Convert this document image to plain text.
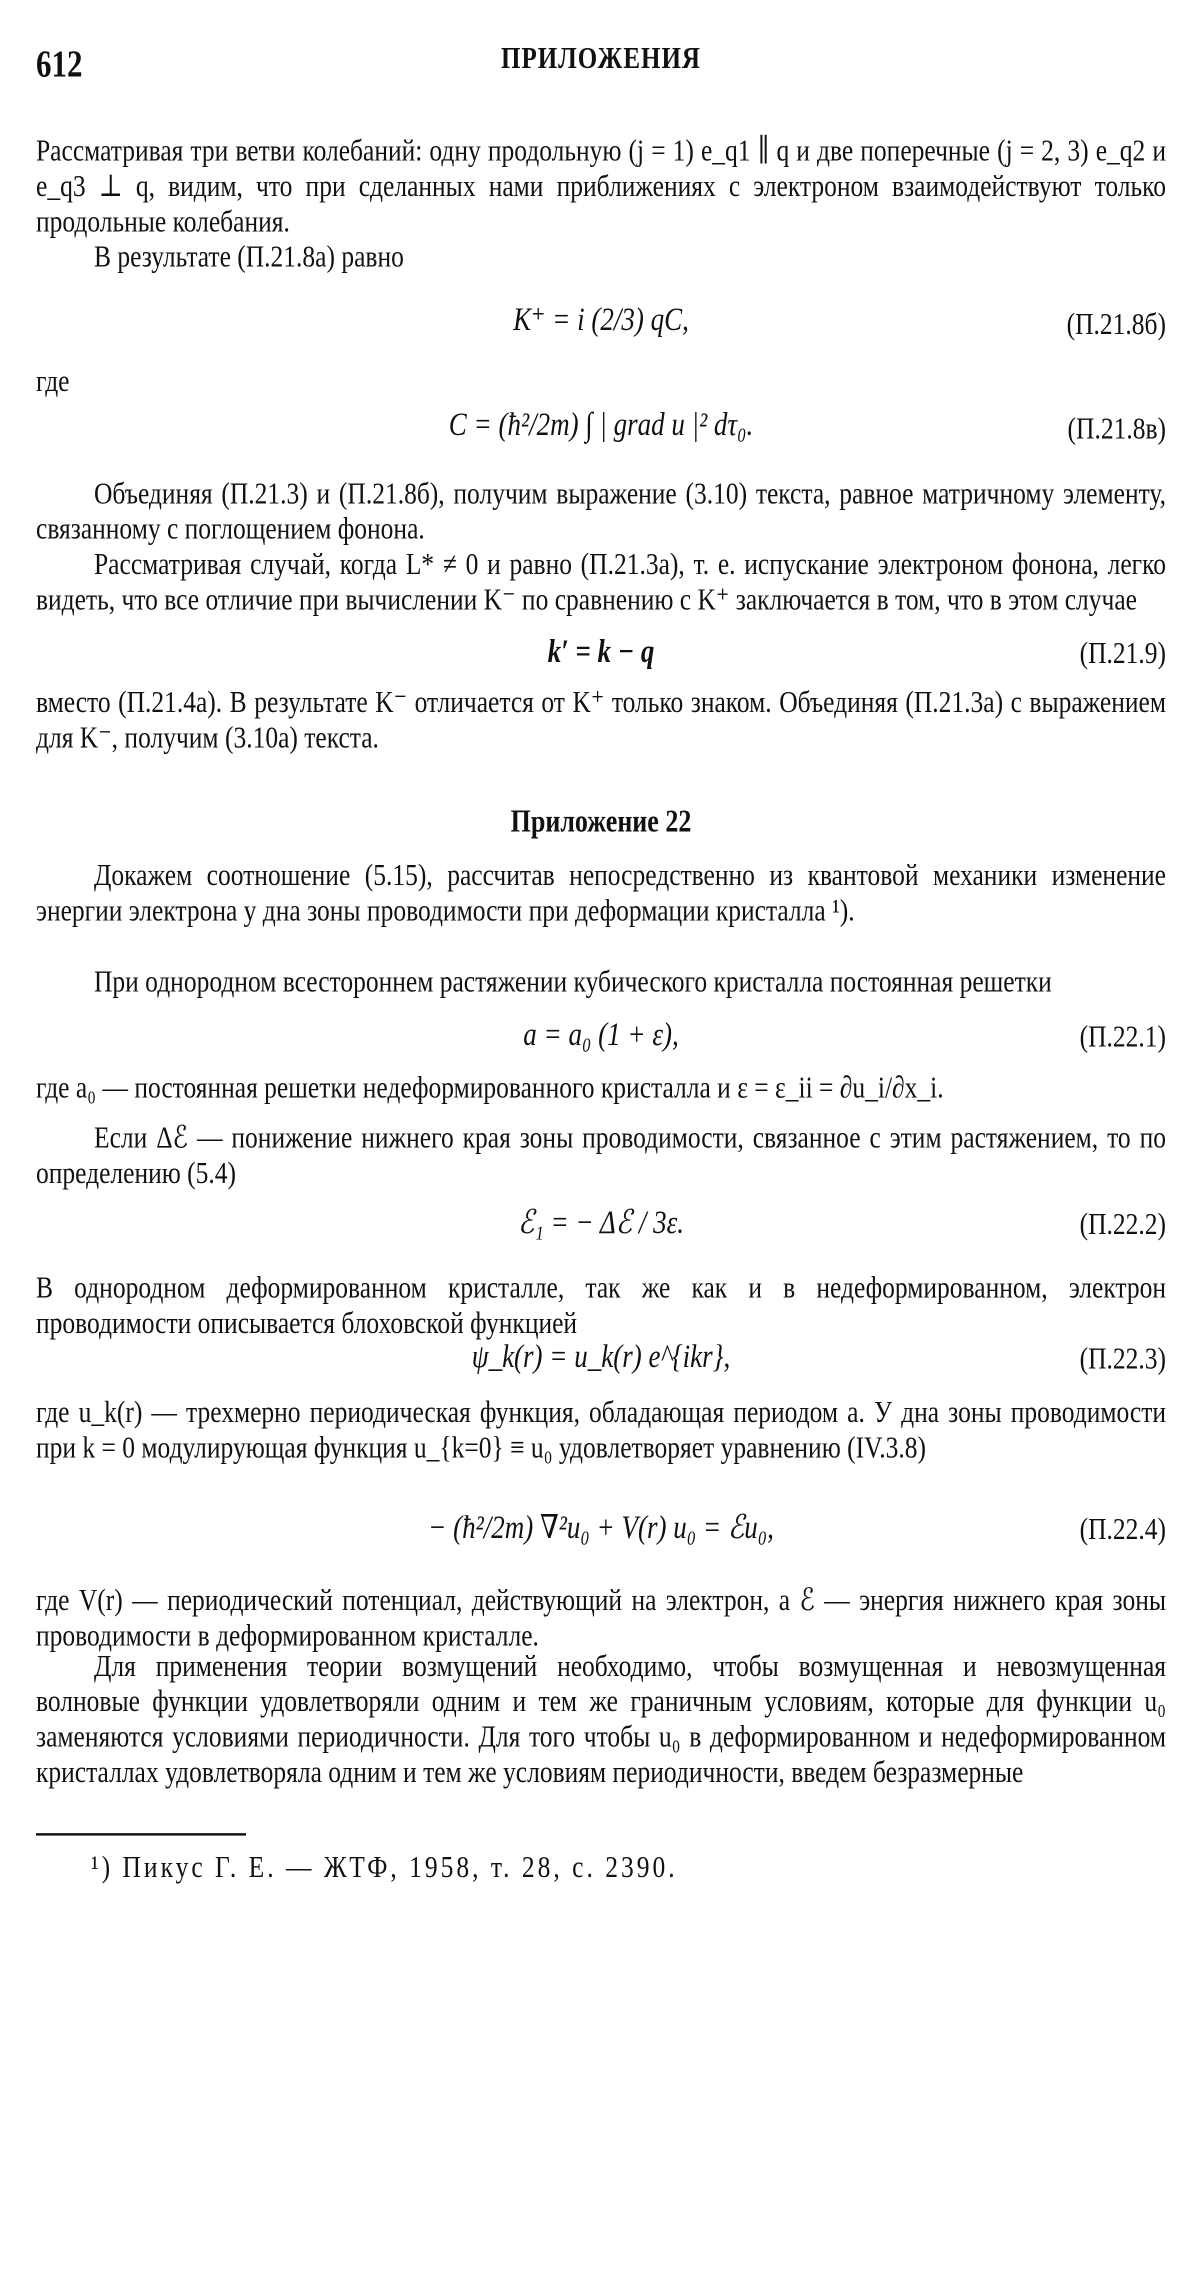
612	ПРИЛОЖЕНИЯ

Рассматривая три ветви колебаний: одну продольную (j = 1) e_q1 ∥ q и две поперечные (j = 2, 3) e_q2 и e_q3 ⊥ q, видим, что при сделанных нами приближениях с электроном взаимодействуют только продольные колебания.

В результате (П.21.8а) равно

K⁺ = i (2/3) qC,	(П.21.8б)

где

C = (ħ²/2m) ∫ | grad u |² dτ₀.	(П.21.8в)

Объединяя (П.21.3) и (П.21.8б), получим выражение (3.10) текста, равное матричному элементу, связанному с поглощением фонона.

Рассматривая случай, когда L* ≠ 0 и равно (П.21.3а), т. е. испускание электроном фонона, легко видеть, что все отличие при вычислении K⁻ по сравнению с K⁺ заключается в том, что в этом случае

k′ = k − q	(П.21.9)

вместо (П.21.4а). В результате K⁻ отличается от K⁺ только знаком. Объединяя (П.21.3а) с выражением для K⁻, получим (3.10а) текста.

Приложение 22

Докажем соотношение (5.15), рассчитав непосредственно из квантовой механики изменение энергии электрона у дна зоны проводимости при деформации кристалла ¹).

При однородном всестороннем растяжении кубического кристалла постоянная решетки

a = a₀ (1 + ε),	(П.22.1)

где a₀ — постоянная решетки недеформированного кристалла и ε = ε_ii = ∂u_i/∂x_i.

Если Δℰ — понижение нижнего края зоны проводимости, связанное с этим растяжением, то по определению (5.4)

ℰ₁ = − Δℰ / 3ε.	(П.22.2)

В однородном деформированном кристалле, так же как и в недеформированном, электрон проводимости описывается блоховской функцией

ψ_k(r) = u_k(r) e^{ikr},	(П.22.3)

где u_k(r) — трехмерно периодическая функция, обладающая периодом a. У дна зоны проводимости при k = 0 модулирующая функция u_{k=0} ≡ u₀ удовлетворяет уравнению (IV.3.8)

− (ħ²/2m) ∇²u₀ + V(r) u₀ = ℰu₀,	(П.22.4)

где V(r) — периодический потенциал, действующий на электрон, а ℰ — энергия нижнего края зоны проводимости в деформированном кристалле.

Для применения теории возмущений необходимо, чтобы возмущенная и невозмущенная волновые функции удовлетворяли одним и тем же граничным условиям, которые для функции u₀ заменяются условиями периодичности. Для того чтобы u₀ в деформированном и недеформированном кристаллах удовлетворяла одним и тем же условиям периодичности, введем безразмерные

¹) Пикус Г. Е. — ЖТФ, 1958, т. 28, с. 2390.
